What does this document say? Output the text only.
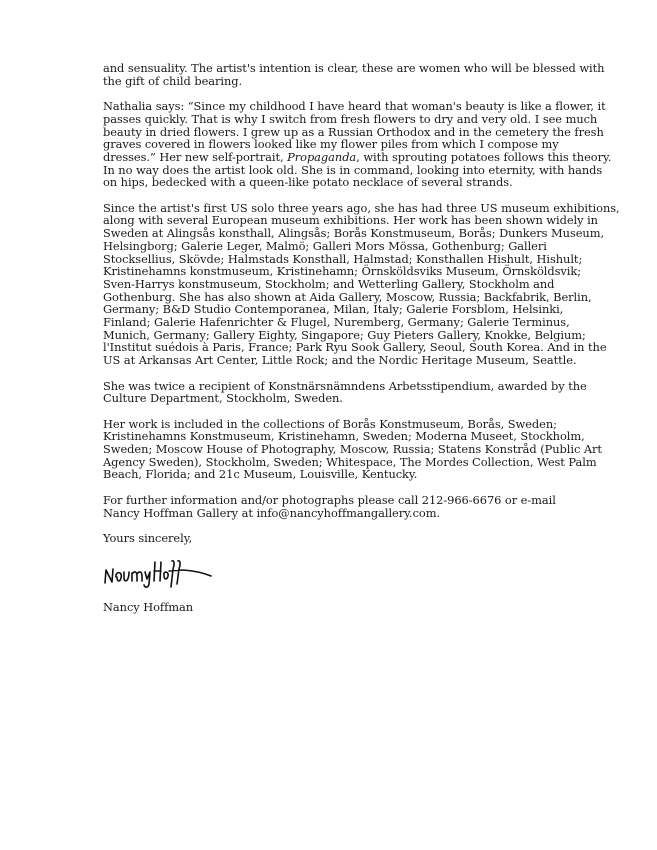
and sensuality. The artist's intention is clear, these are women who will be blessed with
the gift of child bearing.

Nathalia says: “Since my childhood I have heard that woman's beauty is like a flower, it
passes quickly. That is why I switch from fresh flowers to dry and very old. I see much
beauty in dried flowers. I grew up as a Russian Orthodox and in the cemetery the fresh
graves covered in flowers looked like my flower piles from which I compose my
dresses.” Her new self-portrait, Propaganda, with sprouting potatoes follows this theory.
In no way does the artist look old. She is in command, looking into eternity, with hands
on hips, bedecked with a queen-like potato necklace of several strands.

Since the artist's first US solo three years ago, she has had three US museum exhibitions,
along with several European museum exhibitions. Her work has been shown widely in
Sweden at Alingsås konsthall, Alingsås; Borås Konstmuseum, Borås; Dunkers Museum,
Helsingborg; Galerie Leger, Malmö; Galleri Mors Mössa, Gothenburg; Galleri
Stocksellius, Skövde; Halmstads Konsthall, Halmstad; Konsthallen Hishult, Hishult;
Kristinehamns konstmuseum, Kristinehamn; Örnsköldsviks Museum, Örnsköldsvik;
Sven-Harrys konstmuseum, Stockholm; and Wetterling Gallery, Stockholm and
Gothenburg. She has also shown at Aida Gallery, Moscow, Russia; Backfabrik, Berlin,
Germany; B&D Studio Contemporanea, Milan, Italy; Galerie Forsblom, Helsinki,
Finland; Galerie Hafenrichter & Flugel, Nuremberg, Germany; Galerie Terminus,
Munich, Germany; Gallery Eighty, Singapore; Guy Pieters Gallery, Knokke, Belgium;
l'Institut suédois à Paris, France; Park Ryu Sook Gallery, Seoul, South Korea. And in the
US at Arkansas Art Center, Little Rock; and the Nordic Heritage Museum, Seattle.

She was twice a recipient of Konstnärsnämndens Arbetsstipendium, awarded by the
Culture Department, Stockholm, Sweden.

Her work is included in the collections of Borås Konstmuseum, Borås, Sweden;
Kristinehamns Konstmuseum, Kristinehamn, Sweden; Moderna Museet, Stockholm,
Sweden; Moscow House of Photography, Moscow, Russia; Statens Konstråd (Public Art
Agency Sweden), Stockholm, Sweden; Whitespace, The Mordes Collection, West Palm
Beach, Florida; and 21c Museum, Louisville, Kentucky.

For further information and/or photographs please call 212-966-6676 or e-mail
Nancy Hoffman Gallery at info@nancyhoffmangallery.com.

Yours sincerely,

Nancy Hoffman
